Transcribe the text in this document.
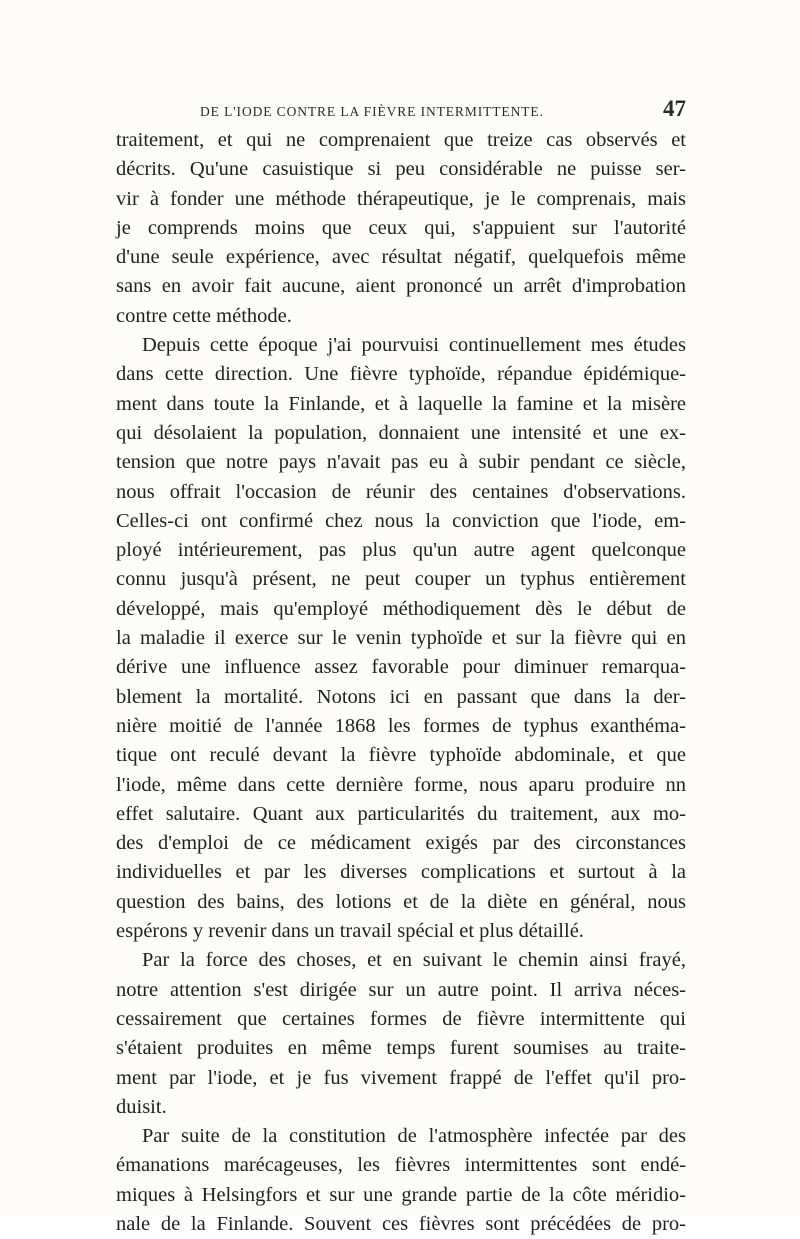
DE L'IODE CONTRE LA FIÈVRE INTERMITTENTE.	47
traitement, et qui ne comprenaient que treize cas observés et
décrits. Qu'une casuistique si peu considérable ne puisse ser-
vir à fonder une méthode thérapeutique, je le comprenais, mais
je comprends moins que ceux qui, s'appuient sur l'autorité
d'une seule expérience, avec résultat négatif, quelquefois même
sans en avoir fait aucune, aient prononcé un arrêt d'improbation
contre cette méthode.
Depuis cette époque j'ai pourvuisi continuellement mes études
dans cette direction. Une fièvre typhoïde, répandue épidémique-
ment dans toute la Finlande, et à laquelle la famine et la misère
qui désolaient la population, donnaient une intensité et une ex-
tension que notre pays n'avait pas eu à subir pendant ce siècle,
nous offrait l'occasion de réunir des centaines d'observations.
Celles-ci ont confirmé chez nous la conviction que l'iode, em-
ployé intérieurement, pas plus qu'un autre agent quelconque
connu jusqu'à présent, ne peut couper un typhus entièrement
développé, mais qu'employé méthodiquement dès le début de
la maladie il exerce sur le venin typhoïde et sur la fièvre qui en
dérive une influence assez favorable pour diminuer remarqua-
blement la mortalité. Notons ici en passant que dans la der-
nière moitié de l'année 1868 les formes de typhus exanthéma-
tique ont reculé devant la fièvre typhoïde abdominale, et que
l'iode, même dans cette dernière forme, nous aparu produire nn
effet salutaire. Quant aux particularités du traitement, aux mo-
des d'emploi de ce médicament exigés par des circonstances
individuelles et par les diverses complications et surtout à la
question des bains, des lotions et de la diète en général, nous
espérons y revenir dans un travail spécial et plus détaillé.
Par la force des choses, et en suivant le chemin ainsi frayé,
notre attention s'est dirigée sur un autre point. Il arriva néces-
cessairement que certaines formes de fièvre intermittente qui
s'étaient produites en même temps furent soumises au traite-
ment par l'iode, et je fus vivement frappé de l'effet qu'il pro-
duisit.
Par suite de la constitution de l'atmosphère infectée par des
émanations marécageuses, les fièvres intermittentes sont endé-
miques à Helsingfors et sur une grande partie de la côte méridio-
nale de la Finlande. Souvent ces fièvres sont précédées de pro-
